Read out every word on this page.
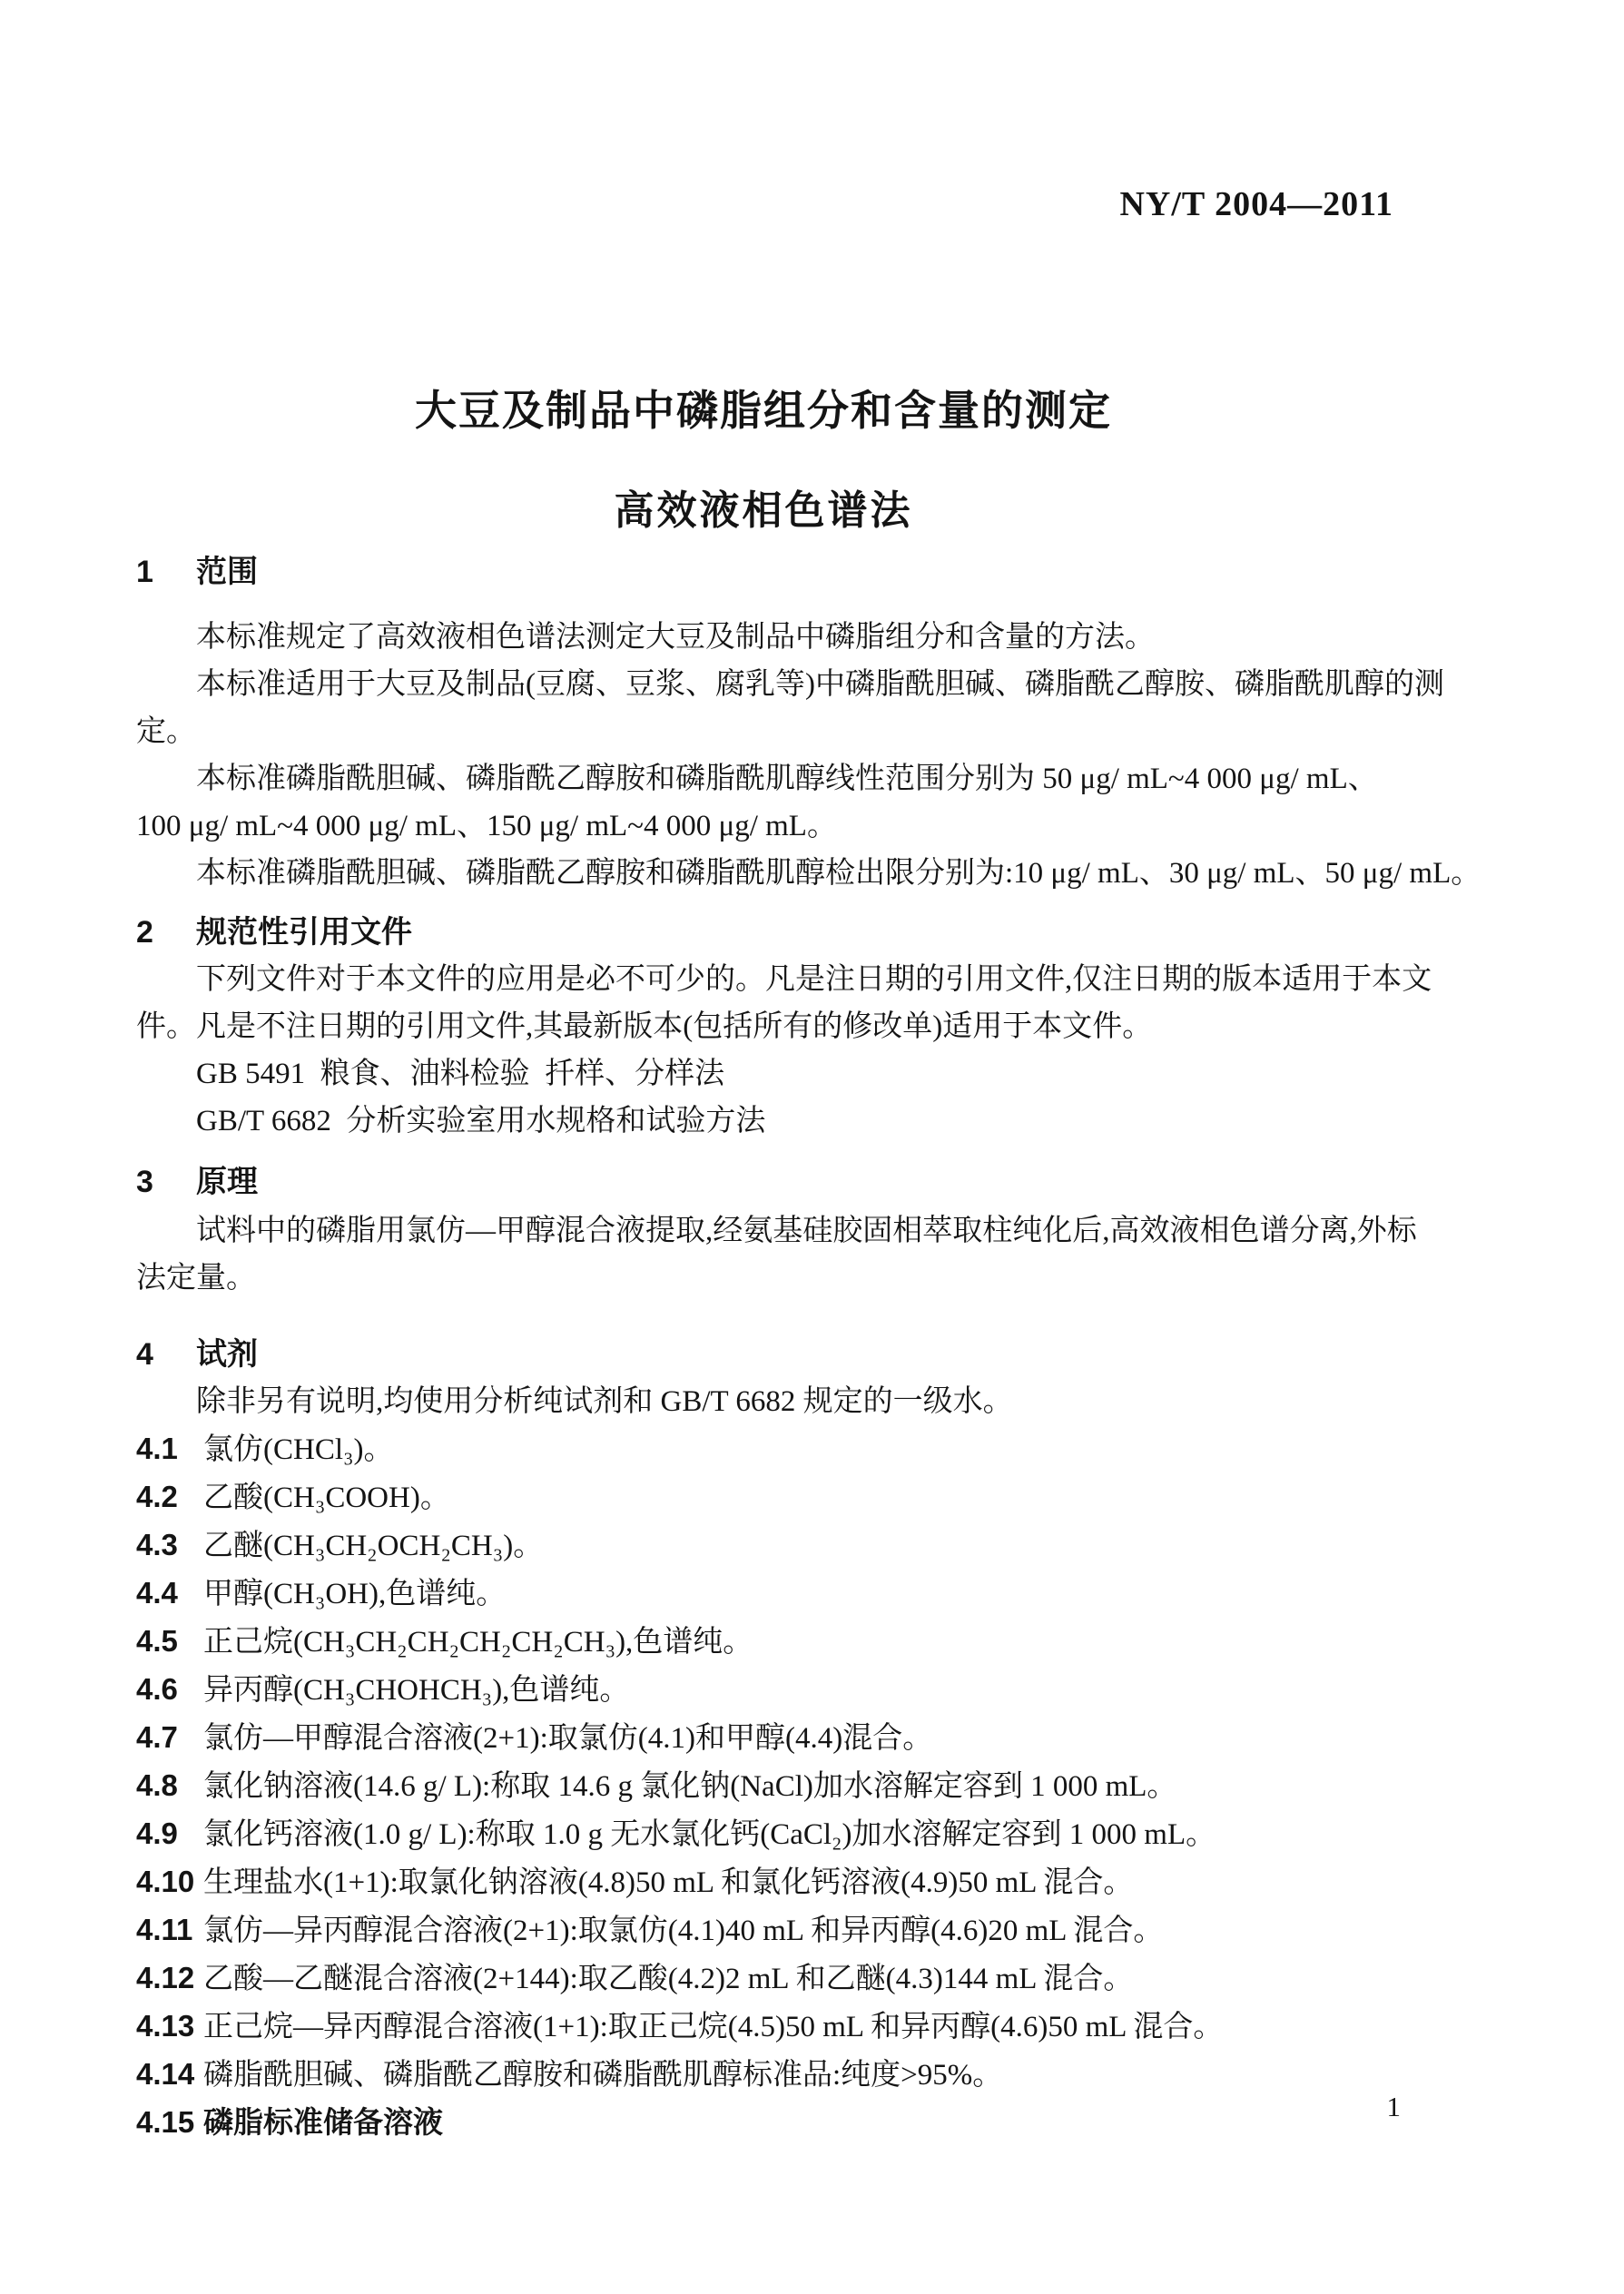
NY/T 2004—2011
大豆及制品中磷脂组分和含量的测定
高效液相色谱法
1 范围
本标准规定了高效液相色谱法测定大豆及制品中磷脂组分和含量的方法。
本标准适用于大豆及制品(豆腐、豆浆、腐乳等)中磷脂酰胆碱、磷脂酰乙醇胺、磷脂酰肌醇的测定。
本标准磷脂酰胆碱、磷脂酰乙醇胺和磷脂酰肌醇线性范围分别为 50 μg/ mL~4 000 μg/ mL、
100 μg/ mL~4 000 μg/ mL、150 μg/ mL~4 000 μg/ mL。
本标准磷脂酰胆碱、磷脂酰乙醇胺和磷脂酰肌醇检出限分别为:10 μg/ mL、30 μg/ mL、50 μg/ mL。
2 规范性引用文件
下列文件对于本文件的应用是必不可少的。凡是注日期的引用文件,仅注日期的版本适用于本文
件。凡是不注日期的引用文件,其最新版本(包括所有的修改单)适用于本文件。
GB 5491  粮食、油料检验  扦样、分样法
GB/T 6682  分析实验室用水规格和试验方法
3 原理
试料中的磷脂用氯仿—甲醇混合液提取,经氨基硅胶固相萃取柱纯化后,高效液相色谱分离,外标
法定量。
4 试剂
除非另有说明,均使用分析纯试剂和 GB/T 6682 规定的一级水。
4.1 氯仿(CHCl₃)。
4.2 乙酸(CH₃COOH)。
4.3 乙醚(CH₃CH₂OCH₂CH₃)。
4.4 甲醇(CH₃OH),色谱纯。
4.5 正己烷(CH₃CH₂CH₂CH₂CH₂CH₃),色谱纯。
4.6 异丙醇(CH₃CHOHCH₃),色谱纯。
4.7 氯仿—甲醇混合溶液(2+1):取氯仿(4.1)和甲醇(4.4)混合。
4.8 氯化钠溶液(14.6 g/ L):称取 14.6 g 氯化钠(NaCl)加水溶解定容到 1 000 mL。
4.9 氯化钙溶液(1.0 g/ L):称取 1.0 g 无水氯化钙(CaCl₂)加水溶解定容到 1 000 mL。
4.10 生理盐水(1+1):取氯化钠溶液(4.8)50 mL 和氯化钙溶液(4.9)50 mL 混合。
4.11 氯仿—异丙醇混合溶液(2+1):取氯仿(4.1)40 mL 和异丙醇(4.6)20 mL 混合。
4.12 乙酸—乙醚混合溶液(2+144):取乙酸(4.2)2 mL 和乙醚(4.3)144 mL 混合。
4.13 正己烷—异丙醇混合溶液(1+1):取正己烷(4.5)50 mL 和异丙醇(4.6)50 mL 混合。
4.14 磷脂酰胆碱、磷脂酰乙醇胺和磷脂酰肌醇标准品:纯度>95%。
4.15 磷脂标准储备溶液	1
